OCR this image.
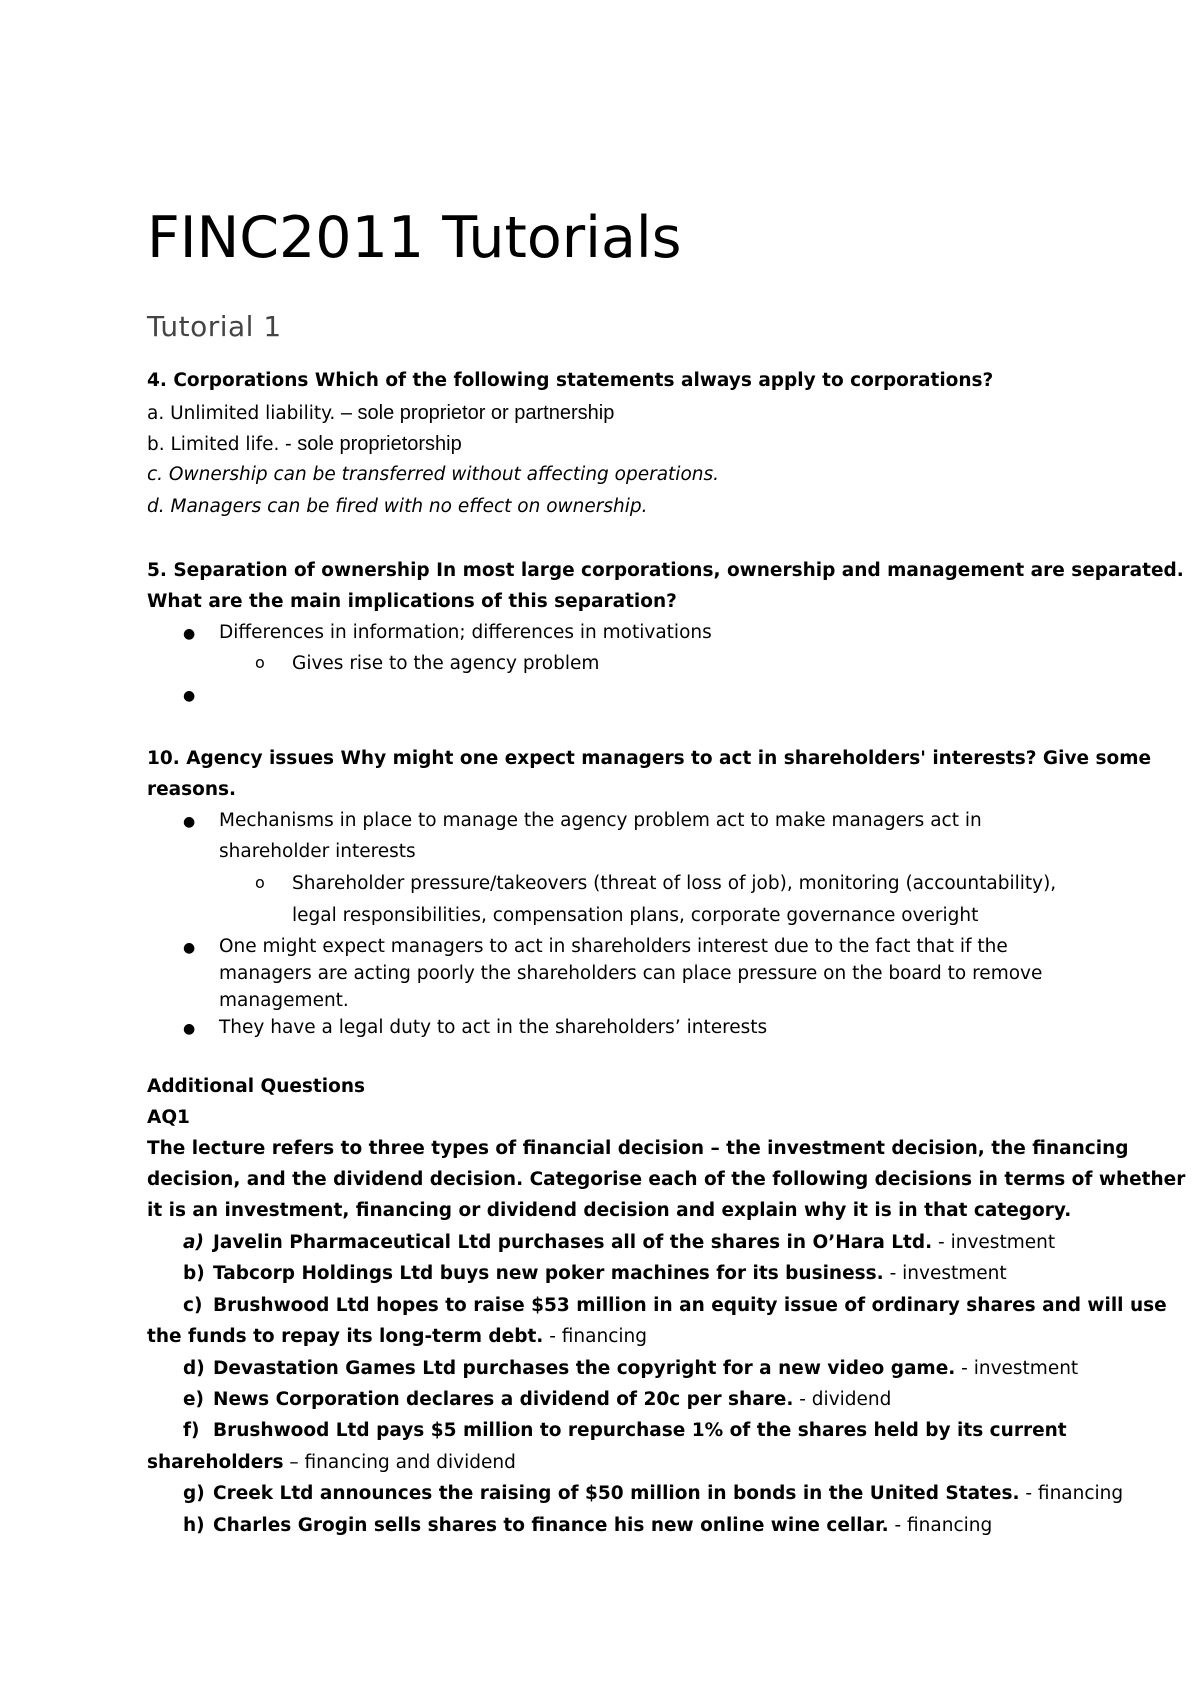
FINC2011 Tutorials
Tutorial 1
4. Corporations Which of the following statements always apply to corporations?
a. Unlimited liability. – sole proprietor or partnership
b. Limited life. - sole proprietorship
c. Ownership can be transferred without affecting operations.
d. Managers can be fired with no effect on ownership.
5. Separation of ownership In most large corporations, ownership and management are separated.
What are the main implications of this separation?
● Differences in information; differences in motivations
o Gives rise to the agency problem
●
10. Agency issues Why might one expect managers to act in shareholders' interests? Give some
reasons.
● Mechanisms in place to manage the agency problem act to make managers act in
shareholder interests
o Shareholder pressure/takeovers (threat of loss of job), monitoring (accountability),
legal responsibilities, compensation plans, corporate governance overight
● One might expect managers to act in shareholders interest due to the fact that if the
managers are acting poorly the shareholders can place pressure on the board to remove
management.
● They have a legal duty to act in the shareholders’ interests
Additional Questions
AQ1
The lecture refers to three types of financial decision – the investment decision, the financing
decision, and the dividend decision. Categorise each of the following decisions in terms of whether
it is an investment, financing or dividend decision and explain why it is in that category.
a) Javelin Pharmaceutical Ltd purchases all of the shares in O’Hara Ltd. - investment
b) Tabcorp Holdings Ltd buys new poker machines for its business. - investment
c) Brushwood Ltd hopes to raise $53 million in an equity issue of ordinary shares and will use
the funds to repay its long-term debt. - financing
d) Devastation Games Ltd purchases the copyright for a new video game. - investment
e) News Corporation declares a dividend of 20c per share. - dividend
f) Brushwood Ltd pays $5 million to repurchase 1% of the shares held by its current
shareholders – financing and dividend
g) Creek Ltd announces the raising of $50 million in bonds in the United States. - financing
h) Charles Grogin sells shares to finance his new online wine cellar. - financing
